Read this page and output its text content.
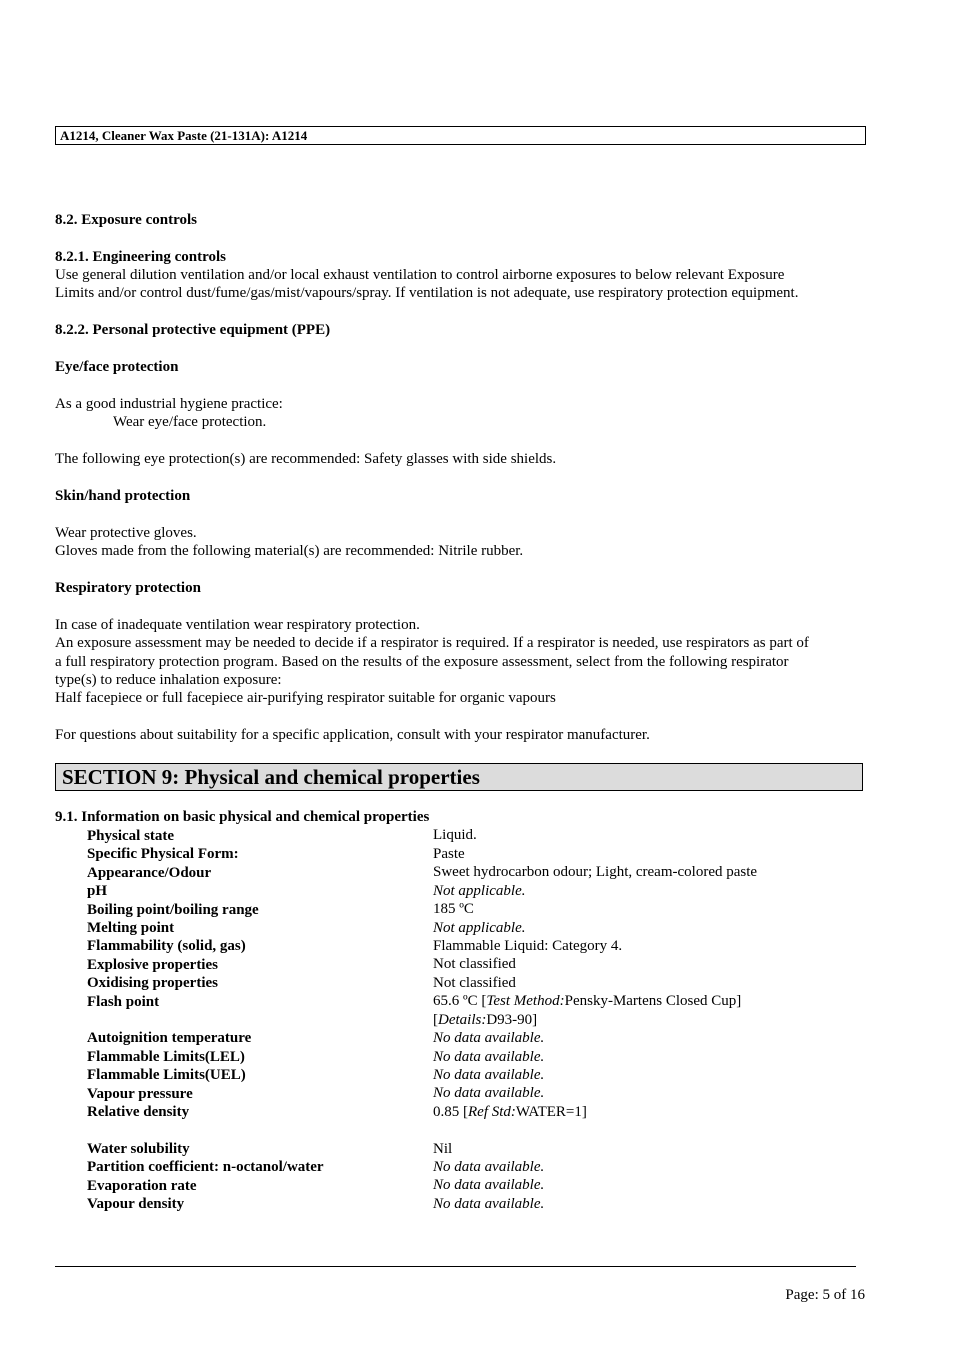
A1214, Cleaner Wax Paste (21-131A): A1214
8.2. Exposure controls
8.2.1. Engineering controls
Use general dilution ventilation and/or local exhaust ventilation to control airborne exposures to below relevant Exposure
Limits and/or control dust/fume/gas/mist/vapours/spray. If ventilation is not adequate, use respiratory protection equipment.
8.2.2. Personal protective equipment (PPE)
Eye/face protection
As a good industrial hygiene practice:
Wear eye/face protection.
The following eye protection(s) are recommended: Safety glasses with side shields.
Skin/hand protection
Wear protective gloves.
Gloves made from the following material(s) are recommended: Nitrile rubber.
Respiratory protection
In case of inadequate ventilation wear respiratory protection.
An exposure assessment may be needed to decide if a respirator is required. If a respirator is needed, use respirators as part of
a full respiratory protection program. Based on the results of the exposure assessment, select from the following respirator
type(s) to reduce inhalation exposure:
Half facepiece or full facepiece air-purifying respirator suitable for organic vapours
For questions about suitability for a specific application, consult with your respirator manufacturer.
SECTION 9: Physical and chemical properties
9.1. Information on basic physical and chemical properties
Physical state	Liquid.
Specific Physical Form:	Paste
Appearance/Odour	Sweet hydrocarbon odour; Light, cream-colored paste
pH	Not applicable.
Boiling point/boiling range	185 ºC
Melting point	Not applicable.
Flammability (solid, gas)	Flammable Liquid: Category 4.
Explosive properties	Not classified
Oxidising properties	Not classified
Flash point	65.6 ºC [Test Method:Pensky-Martens Closed Cup]
[Details:D93-90]
Autoignition temperature	No data available.
Flammable Limits(LEL)	No data available.
Flammable Limits(UEL)	No data available.
Vapour pressure	No data available.
Relative density	0.85 [Ref Std:WATER=1]
Water solubility	Nil
Partition coefficient: n-octanol/water	No data available.
Evaporation rate	No data available.
Vapour density	No data available.
Page: 5 of 16
